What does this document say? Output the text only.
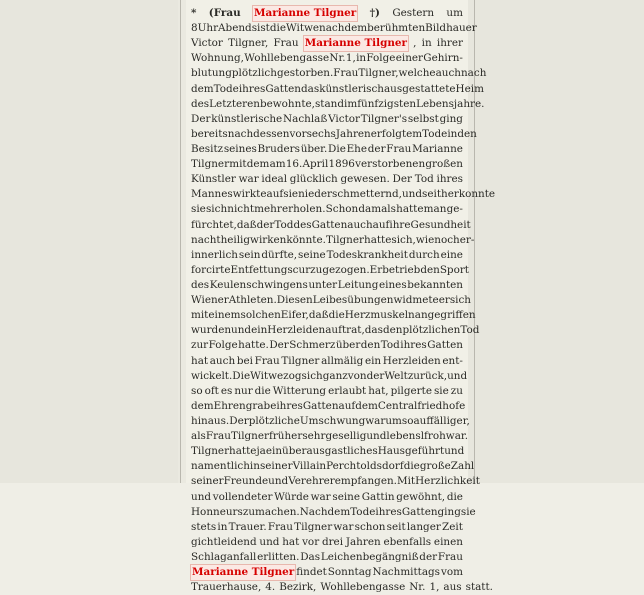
* (Frau Marianne Tilgner †) Gestern um
8 Uhr Abends ist die Witwe nach dem berühmten Bildhauer
Victor Tilgner, Frau Marianne Tilgner , in ihrer
Wohnung, Wohllebengasse Nr. 1, in Folge einer Gehirn-
blutung plötzlich gestorben. Frau Tilgner, welche auch nach
dem Tode ihres Gatten das künstlerisch ausgestattete Heim
des Letzteren bewohnte, stand im fünfzigsten Lebensjahre.
Der künstlerische Nachlaß Victor Tilgner's selbst ging
bereits nach dessen vor sechs Jahren erfolgtem Tode in den
Besitz seines Bruders über. Die Ehe der Frau Marianne
Tilgner mit dem am 16. April 1896 verstorbenen großen
Künstler war ideal glücklich gewesen. Der Tod ihres
Mannes wirkte auf sie niederschmetternd, und seither konnte
sie sich nicht mehr erholen. Schon damals hatte man ge-
fürchtet, daß der Tod des Gatten auch auf ihre Gesundheit
nachtheilig wirken könnte. Tilgner hatte sich, wie noch er-
innerlich sein dürfte, seine Todeskrankheit durch eine
forcirte Entfettungscur zugezogen. Er betrieb den Sport
des Keulenschwingens unter Leitung eines bekannten
Wiener Athleten. Diesen Leibesübungen widmete er sich
mit einem solchen Eifer, daß die Herzmuskeln angegriffen
wurden und ein Herzleiden auftrat, das den plötzlichen Tod
zur Folge hatte. Der Schmerz über den Tod ihres Gatten
hat auch bei Frau Tilgner allmälig ein Herzleiden ent-
wickelt. Die Witwe zog sich ganz von der Welt zurück, und
so oft es nur die Witterung erlaubt hat, pilgerte sie zu
dem Ehrengrabe ihres Gatten auf dem Centralfriedhofe
hinaus. Der plötzliche Umschwung war umso auffälliger,
als Frau Tilgner früher sehr gesellig und lebenslfroh war.
Tilgner hatte ja ein überaus gastliches Haus geführt und
namentlich in seiner Villa in Perchtoldsdorf die große Zahl
seiner Freunde und Verehrer empfangen. Mit Herzlichkeit
und vollendeter Würde war seine Gattin gewöhnt, die
Honneurs zu machen. Nach dem Tode ihres Gatten ging sie
stets in Trauer. Frau Tilgner war schon seit langer Zeit
gichtleidend und hat vor drei Jahren ebenfalls einen
Schlaganfall erlitten. Das Leichenbegängniß der Frau
Marianne Tilgner findet Sonntag Nachmittags vom
Trauerhause, 4. Bezirk, Wohllebengasse Nr. 1, aus statt.
